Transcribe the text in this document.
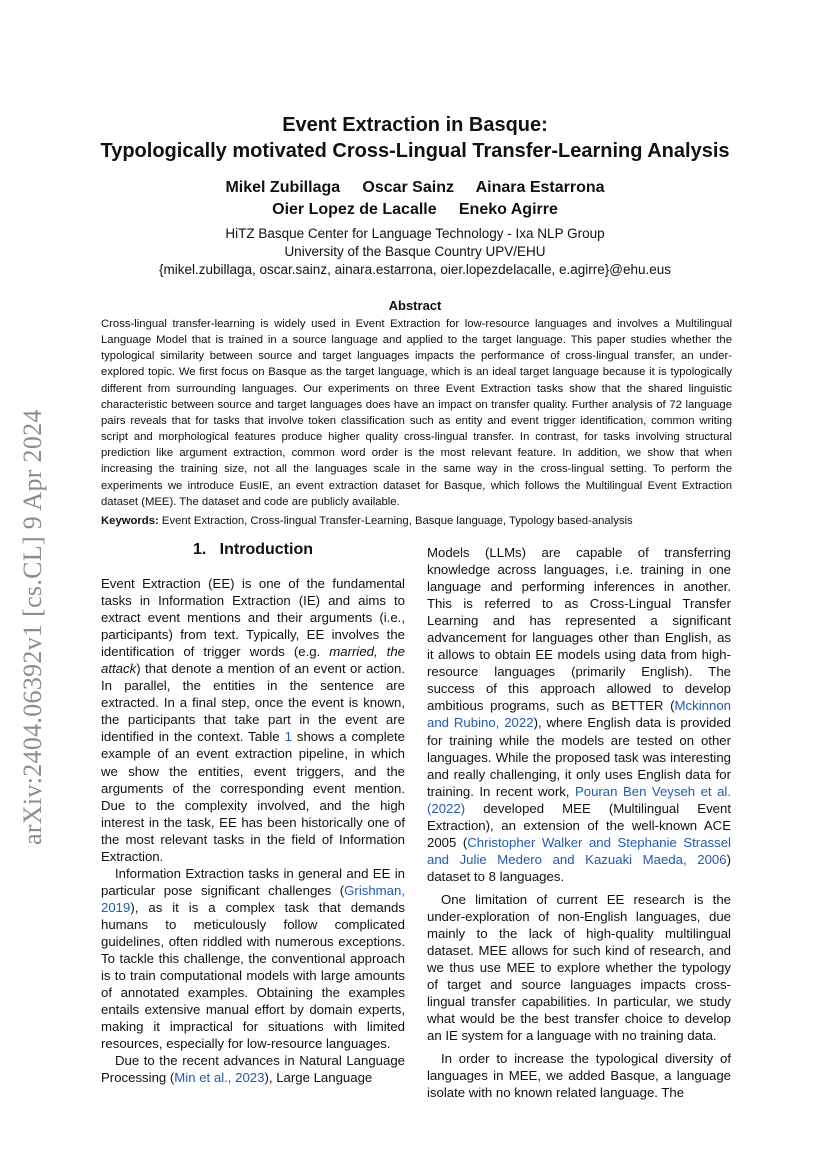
arXiv:2404.06392v1 [cs.CL] 9 Apr 2024
Event Extraction in Basque:
Typologically motivated Cross-Lingual Transfer-Learning Analysis
Mikel Zubillaga     Oscar Sainz     Ainara Estarrona
Oier Lopez de Lacalle     Eneko Agirre
HiTZ Basque Center for Language Technology - Ixa NLP Group
University of the Basque Country UPV/EHU
{mikel.zubillaga, oscar.sainz, ainara.estarrona, oier.lopezdelacalle, e.agirre}@ehu.eus
Abstract
Cross-lingual transfer-learning is widely used in Event Extraction for low-resource languages and involves a Multilingual Language Model that is trained in a source language and applied to the target language. This paper studies whether the typological similarity between source and target languages impacts the performance of cross-lingual transfer, an under-explored topic. We first focus on Basque as the target language, which is an ideal target language because it is typologically different from surrounding languages. Our experiments on three Event Extraction tasks show that the shared linguistic characteristic between source and target languages does have an impact on transfer quality. Further analysis of 72 language pairs reveals that for tasks that involve token classification such as entity and event trigger identification, common writing script and morphological features produce higher quality cross-lingual transfer. In contrast, for tasks involving structural prediction like argument extraction, common word order is the most relevant feature. In addition, we show that when increasing the training size, not all the languages scale in the same way in the cross-lingual setting. To perform the experiments we introduce EusIE, an event extraction dataset for Basque, which follows the Multilingual Event Extraction dataset (MEE). The dataset and code are publicly available.
Keywords: Event Extraction, Cross-lingual Transfer-Learning, Basque language, Typology based-analysis
1.   Introduction

Event Extraction (EE) is one of the fundamental tasks in Information Extraction (IE) and aims to extract event mentions and their arguments (i.e., participants) from text. Typically, EE involves the identification of trigger words (e.g. married, the attack) that denote a mention of an event or action. In parallel, the entities in the sentence are extracted. In a final step, once the event is known, the participants that take part in the event are identified in the context. Table 1 shows a complete example of an event extraction pipeline, in which we show the entities, event triggers, and the arguments of the corresponding event mention. Due to the complexity involved, and the high interest in the task, EE has been historically one of the most relevant tasks in the field of Information Extraction.

Information Extraction tasks in general and EE in particular pose significant challenges (Grishman, 2019), as it is a complex task that demands humans to meticulously follow complicated guidelines, often riddled with numerous exceptions. To tackle this challenge, the conventional approach is to train computational models with large amounts of annotated examples. Obtaining the examples entails extensive manual effort by domain experts, making it impractical for situations with limited resources, especially for low-resource languages.

Due to the recent advances in Natural Language Processing (Min et al., 2023), Large Language

Models (LLMs) are capable of transferring knowledge across languages, i.e. training in one language and performing inferences in another. This is referred to as Cross-Lingual Transfer Learning and has represented a significant advancement for languages other than English, as it allows to obtain EE models using data from high-resource languages (primarily English). The success of this approach allowed to develop ambitious programs, such as BETTER (Mckinnon and Rubino, 2022), where English data is provided for training while the models are tested on other languages. While the proposed task was interesting and really challenging, it only uses English data for training. In recent work, Pouran Ben Veyseh et al. (2022) developed MEE (Multilingual Event Extraction), an extension of the well-known ACE 2005 (Christopher Walker and Stephanie Strassel and Julie Medero and Kazuaki Maeda, 2006) dataset to 8 languages.

One limitation of current EE research is the under-exploration of non-English languages, due mainly to the lack of high-quality multilingual dataset. MEE allows for such kind of research, and we thus use MEE to explore whether the typology of target and source languages impacts cross-lingual transfer capabilities. In particular, we study what would be the best transfer choice to develop an IE system for a language with no training data.

In order to increase the typological diversity of languages in MEE, we added Basque, a language isolate with no known related language. The
